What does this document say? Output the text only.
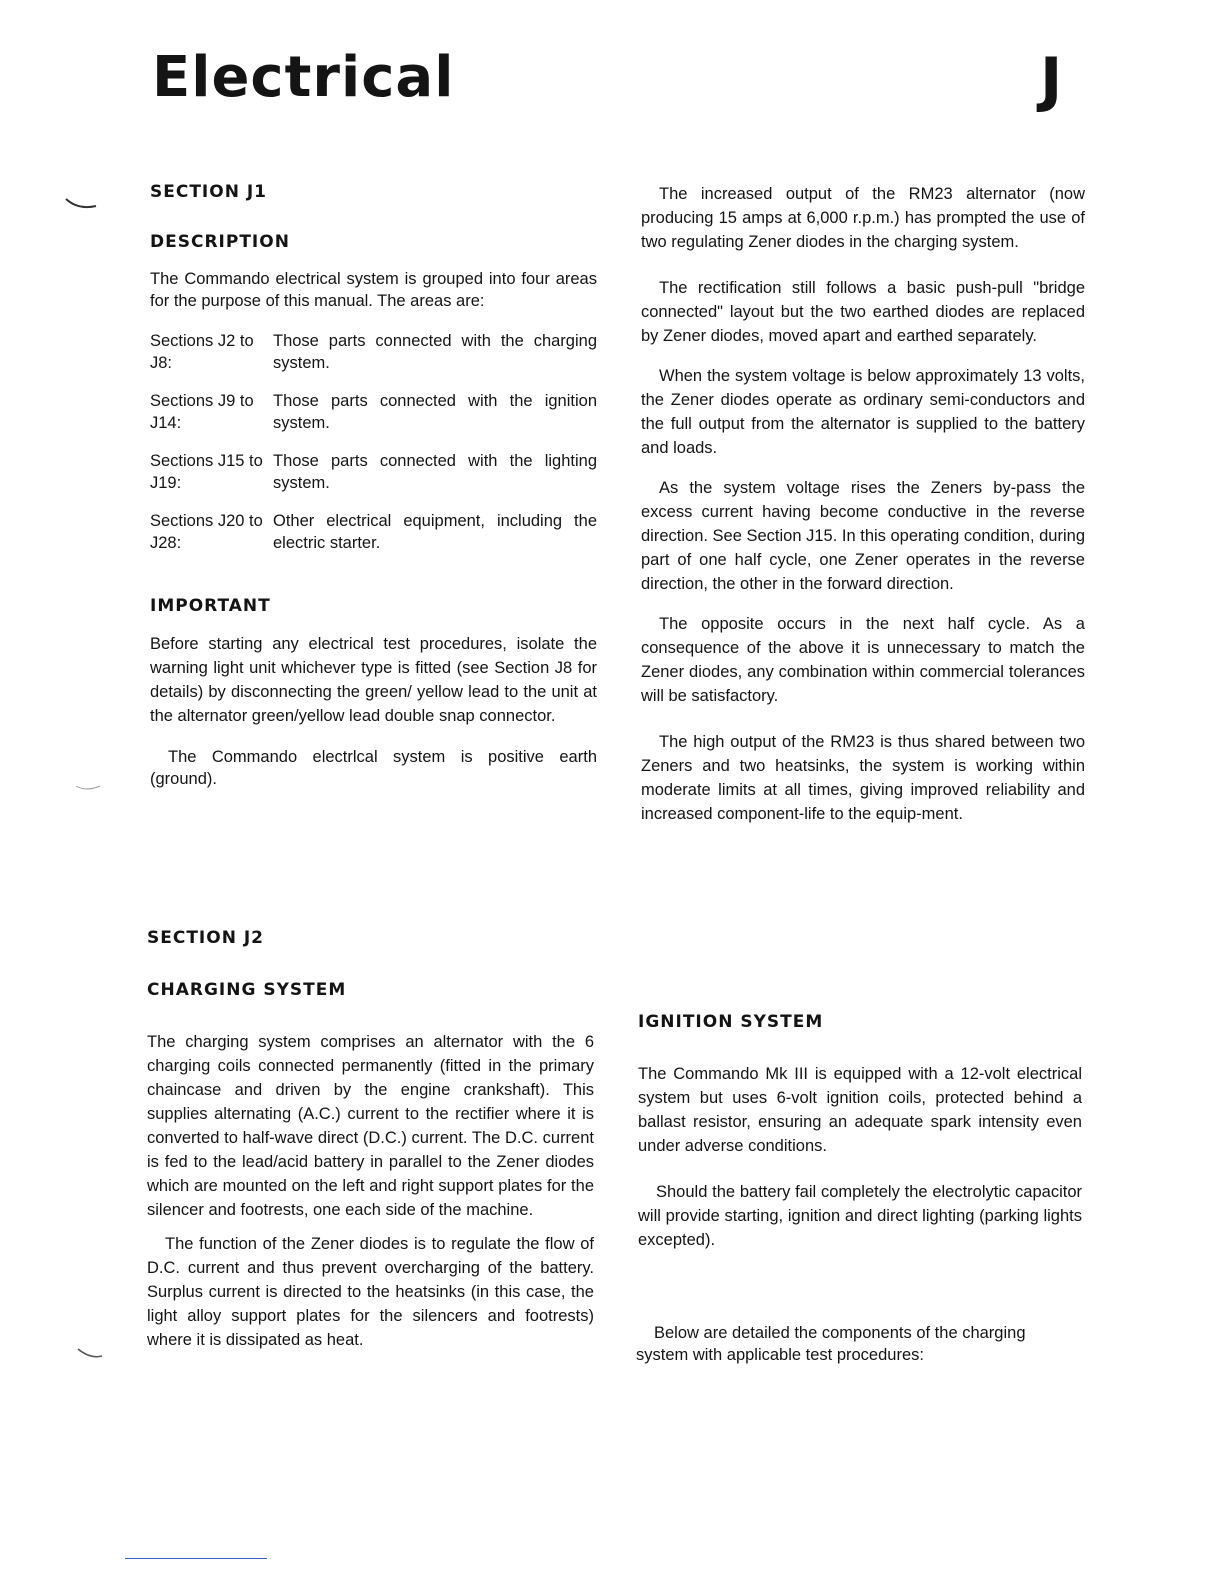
Electrical	J

SECTION J1

DESCRIPTION

The Commando electrical system is grouped into four areas for the purpose of this manual. The areas are:

Sections J2 to J8:
Those parts connected with the charging system.
Sections J9 to J14:
Those parts connected with the ignition system.
Sections J15 to J19:
Those parts connected with the lighting system.
Sections J20 to J28:
Other electrical equipment, including the electric starter.

IMPORTANT

Before starting any electrical test procedures, isolate the warning light unit whichever type is fitted (see Section J8 for details) by disconnecting the green/ yellow lead to the unit at the alternator green/yellow lead double snap connector.

The Commando electrlcal system is positive earth (ground).

SECTION J2

CHARGING SYSTEM

The charging system comprises an alternator with the 6 charging coils connected permanently (fitted in the primary chaincase and driven by the engine crankshaft). This supplies alternating (A.C.) current to the rectifier where it is converted to half-wave direct (D.C.) current. The D.C. current is fed to the lead/acid battery in parallel to the Zener diodes which are mounted on the left and right support plates for the silencer and footrests, one each side of the machine.

The function of the Zener diodes is to regulate the flow of D.C. current and thus prevent overcharging of the battery. Surplus current is directed to the heatsinks (in this case, the light alloy support plates for the silencers and footrests) where it is dissipated as heat.

The increased output of the RM23 alternator (now producing 15 amps at 6,000 r.p.m.) has prompted the use of two regulating Zener diodes in the charging system.

The rectification still follows a basic push-pull "bridge connected" layout but the two earthed diodes are replaced by Zener diodes, moved apart and earthed separately.

When the system voltage is below approximately 13 volts, the Zener diodes operate as ordinary semi-conductors and the full output from the alternator is supplied to the battery and loads.

As the system voltage rises the Zeners by-pass the excess current having become conductive in the reverse direction. See Section J15. In this operating condition, during part of one half cycle, one Zener operates in the reverse direction, the other in the forward direction.

The opposite occurs in the next half cycle. As a consequence of the above it is unnecessary to match the Zener diodes, any combination within commercial tolerances will be satisfactory.

The high output of the RM23 is thus shared between two Zeners and two heatsinks, the system is working within moderate limits at all times, giving improved reliability and increased component-life to the equip-ment.

IGNITION SYSTEM

The Commando Mk III is equipped with a 12-volt electrical system but uses 6-volt ignition coils, protected behind a ballast resistor, ensuring an adequate spark intensity even under adverse conditions.

Should the battery fail completely the electrolytic capacitor will provide starting, ignition and direct lighting (parking lights excepted).

Below are detailed the components of the charging system with applicable test procedures:
